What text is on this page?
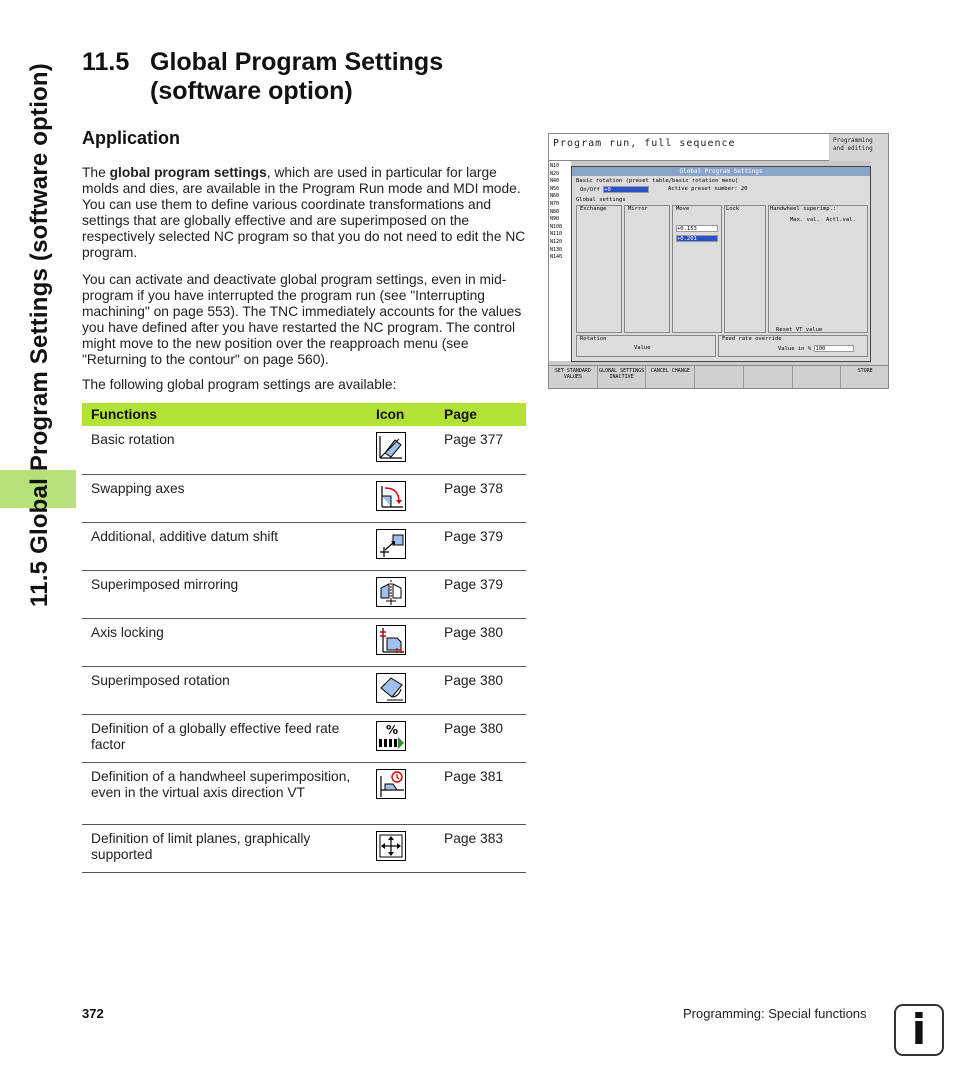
11.5 Global Program Settings (software option)
11.5 Global Program Settings
(software option)
Application

The global program settings, which are used in particular for large molds and dies, are available in the Program Run mode and MDI mode. You can use them to define various coordinate transformations and settings that are globally effective and are superimposed on the respectively selected NC program so that you do not need to edit the NC program.

You can activate and deactivate global program settings, even in mid-program if you have interrupted the program run (see "Interrupting machining" on page 553). The TNC immediately accounts for the values you have defined after you have restarted the NC program. The control might move to the new position over the reapproach menu (see "Returning to the contour" on page 560).

The following global program settings are available:

Functions	Icon	Page
Basic rotation		Page 377
Swapping axes		Page 378
Additional, additive datum shift		Page 379
Superimposed mirroring		Page 379
Axis locking		Page 380
Superimposed rotation		Page 380
Definition of a globally effective feed rate factor	%	Page 380
Definition of a handwheel superimposition, even in the virtual axis direction VT		Page 381
Definition of limit planes, graphically supported		Page 383
Program run, full sequence	Programming and editing
N10
N20
N40
N50
N60
N70
N80
N90
N100
N110
N120
N130
N140
Global Program Settings
Basic rotation (preset table/basic rotation menu)
On/Off +0	Active preset number: 20
Global settings
Exchange	Mirror	Move
+0.153
+0.201
Lock	Handwheel superimp.:
Max. val. Actl.val.
Reset VT value
Rotation
Value
Feed rate override
Value in % 100
SET STANDARD VALUES
GLOBAL SETTINGS INACTIVE
CANCEL CHANGE	STORE
372	Programming: Special functions	i
